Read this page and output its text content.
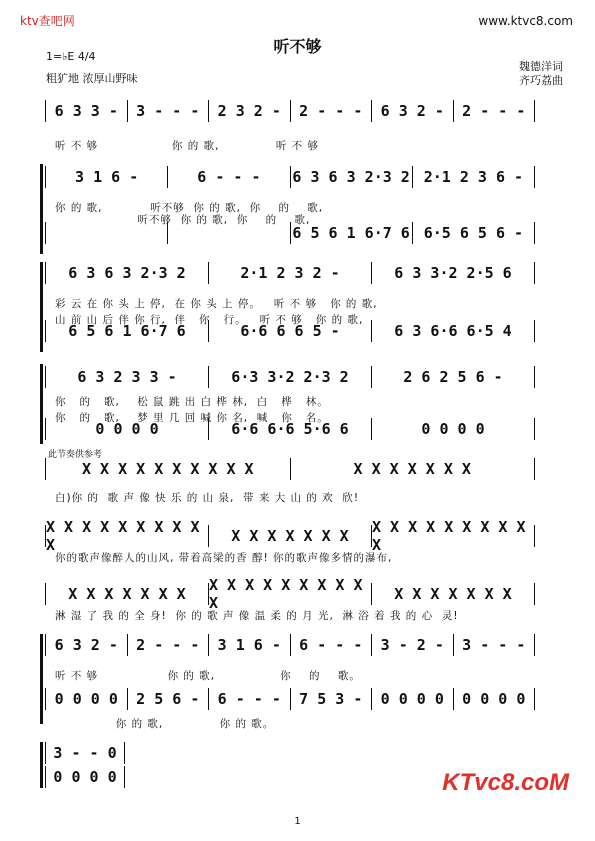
ktv查吧网	www.ktvc8.com
听不够
1=♭E 4/4
粗犷地 浓厚山野味
魏德洋词
齐巧荔曲
6 3 3 -	3 - - -	2 3 2 -	2 - - -	6 3 2 -	2 - - -
听 不 够                 你 的 歌,             听 不 够
3 1 6 -	6 - - -	6 3 6 3 2·3 2 2·1 2 3 6 -
你 的 歌,           听不够  你 的 歌,  你    的    歌,
6 5 6 1 6·7 6 6·5 6 5 6 -
听不够  你 的 歌,  你    的    歌,
6 3 6 3 2·3 2	2·1 2 3 2 -	6 3 3·2 2·5 6
彩 云 在 你 头 上 停,  在 你 头 上 停。   听 不 够   你 的 歌,
6 5 6 1 6·7 6	6·6 6 6 5 -	6 3 6·6 6·5 4
山 前 山 后 伴 你 行,  伴   你   行。   听 不 够   你 的 歌,
6 3 2 3 3 -	6·3 3·2 2·3 2	2 6 2 5 6 -
你   的   歌,    松 鼠 跳 出 白 桦 林,  白   桦   林。
0 0 0 0	6·6 6·6 5·6 6	0 0 0 0
你   的   歌,    梦 里 几 回 喊 你 名,  喊   你   名。
X X X X X X X X X X	X X X X X X X
白)你 的  歌 声 像 快 乐 的 山 泉,  带 来 大 山 的 欢  欣!
X X X X X X X X X X	X X X X X X X	X X X X X X X X X X
你的歌声像醉人的山风, 带着高梁的香 醇! 你的歌声像多情的瀑布,
X X X X X X X	X X X X X X X X X X	X X X X X X X
淋 湿 了 我 的 全 身!  你 的 歌 声 像 温 柔 的 月 光,  淋 浴 着 我 的 心  灵!
6 3 2 -	2 - - -	3 1 6 -	6 - - -	3 - 2 -	3 - - -
听 不 够                你 的 歌,               你    的    歌。
0 0 0 0	2 5 6 -	6 - - -	7 5 3 -	0 0 0 0	0 0 0 0
你 的 歌,             你 的 歌。
3 - - 0
0 0 0 0
此节奏供参考
KTvc8.coM
1
